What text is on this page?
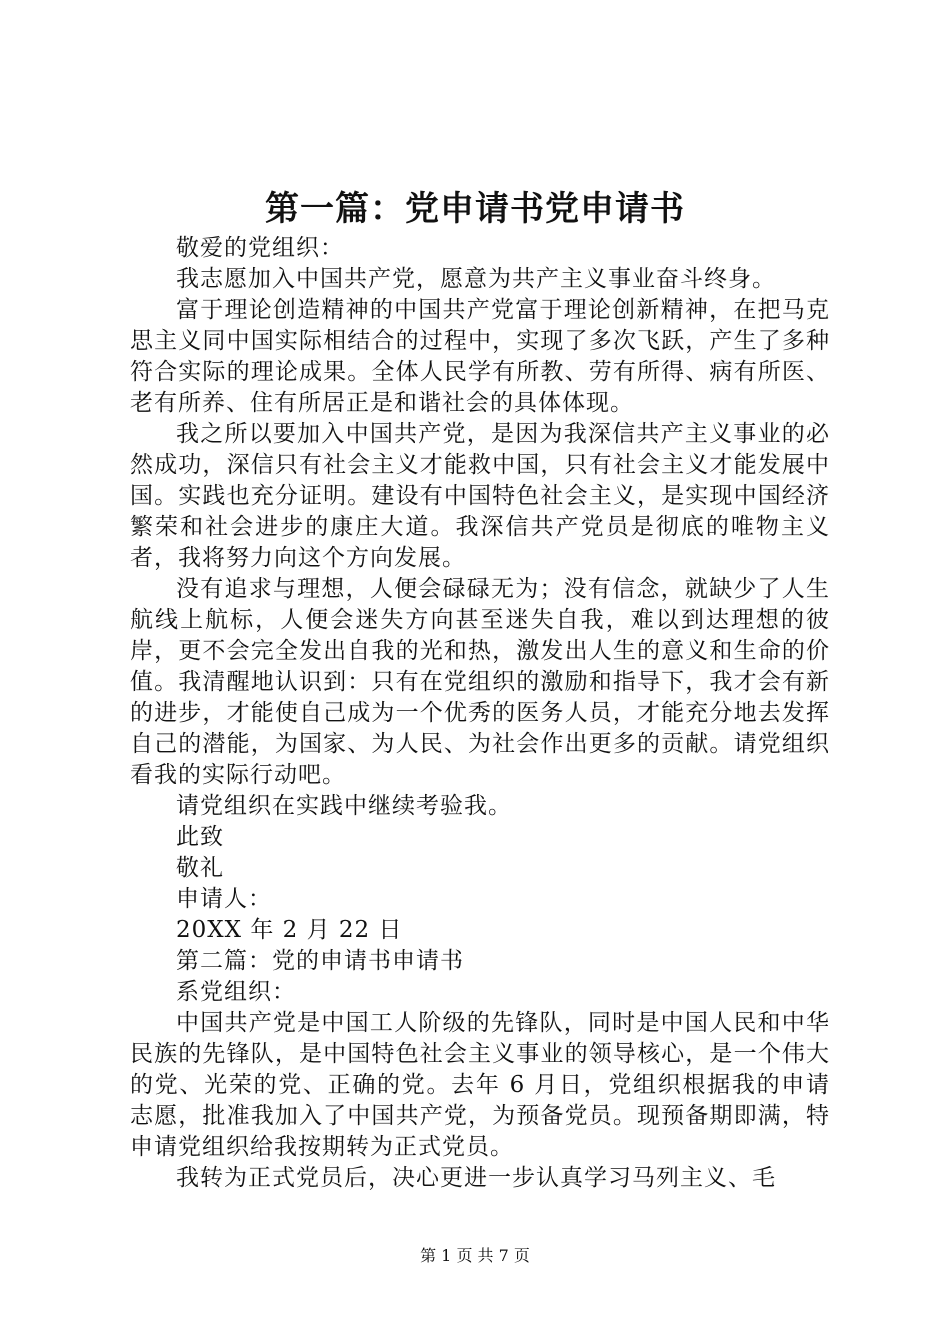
第一篇：党申请书党申请书
敬爱的党组织：

我志愿加入中国共产党，愿意为共产主义事业奋斗终身。

富于理论创造精神的中国共产党富于理论创新精神，在把马克思主义同中国实际相结合的过程中，实现了多次飞跃，产生了多种符合实际的理论成果。全体人民学有所教、劳有所得、病有所医、老有所养、住有所居正是和谐社会的具体体现。

我之所以要加入中国共产党，是因为我深信共产主义事业的必然成功，深信只有社会主义才能救中国，只有社会主义才能发展中国。实践也充分证明。建设有中国特色社会主义，是实现中国经济繁荣和社会进步的康庄大道。我深信共产党员是彻底的唯物主义者，我将努力向这个方向发展。

没有追求与理想，人便会碌碌无为；没有信念，就缺少了人生航线上航标，人便会迷失方向甚至迷失自我，难以到达理想的彼岸，更不会完全发出自我的光和热，激发出人生的意义和生命的价值。我清醒地认识到：只有在党组织的激励和指导下，我才会有新的进步，才能使自己成为一个优秀的医务人员，才能充分地去发挥自己的潜能，为国家、为人民、为社会作出更多的贡献。请党组织看我的实际行动吧。

请党组织在实践中继续考验我。
此致
敬礼
申请人：
20XX 年 2 月 22 日
第二篇：党的申请书申请书
系党组织：

中国共产党是中国工人阶级的先锋队，同时是中国人民和中华民族的先锋队，是中国特色社会主义事业的领导核心，是一个伟大的党、光荣的党、正确的党。去年 6 月日，党组织根据我的申请志愿，批准我加入了中国共产党，为预备党员。现预备期即满，特申请党组织给我按期转为正式党员。

我转为正式党员后，决心更进一步认真学习马列主义、毛

第 1 页 共 7 页
